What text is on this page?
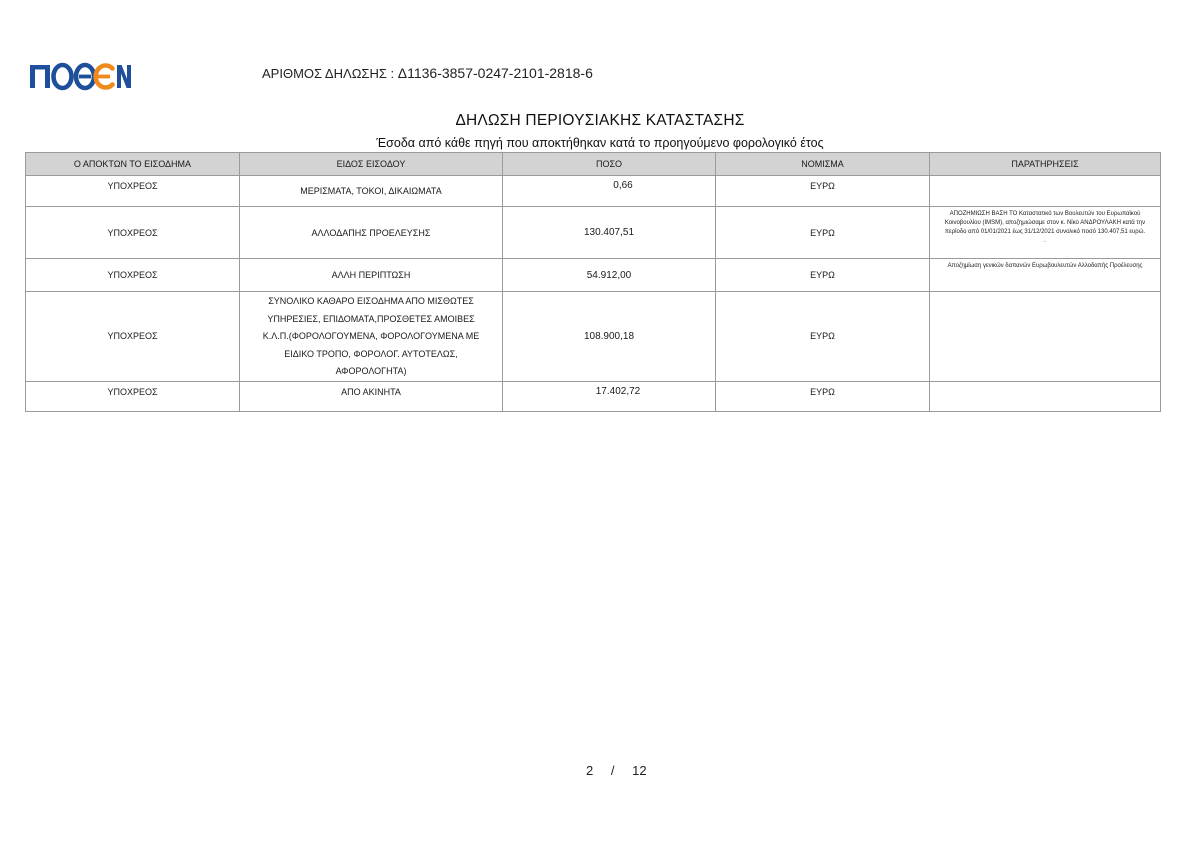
ΑΡΙΘΜΟΣ ΔΗΛΩΣΗΣ : Δ1136-3857-0247-2101-2818-6
ΔΗΛΩΣΗ ΠΕΡΙΟΥΣΙΑΚΗΣ ΚΑΤΑΣΤΑΣΗΣ
Έσοδα από κάθε πηγή που αποκτήθηκαν κατά το προηγούμενο φορολογικό έτος
Ο ΑΠΟΚΤΩΝ ΤΟ ΕΙΣΟΔΗΜΑ	ΕΙΔΟΣ ΕΙΣΟΔΟΥ	ΠΟΣΟ	ΝΟΜΙΣΜΑ	ΠΑΡΑΤΗΡΗΣΕΙΣ
ΥΠΟΧΡΕΟΣ	ΜΕΡΙΣΜΑΤΑ, ΤΟΚΟΙ, ΔΙΚΑΙΩΜΑΤΑ	0,66	ΕΥΡΩ	
ΥΠΟΧΡΕΟΣ	ΑΛΛΟΔΑΠΗΣ ΠΡΟΕΛΕΥΣΗΣ	130.407,51	ΕΥΡΩ	ΑΠΟΖΗΜΙΩΣΗ ΒΑΣΗ ΤΟ Καταστατικό των Βουλευτών του Ευρωπαϊκού Κοινοβουλίου (IMSM), αποζημιώσαμε στον κ. Νίκο ΑΝΔΡΟΥΛΑΚΗ κατά την περίοδο από 01/01/2021 έως 31/12/2021 συνολικό ποσό 130.407,51 ευρώ. .
ΥΠΟΧΡΕΟΣ	ΑΛΛΗ ΠΕΡΙΠΤΩΣΗ	54.912,00	ΕΥΡΩ	Αποζημίωση γενικών δαπανών Ευρωβουλευτών Αλλοδαπής Προέλευσης
ΥΠΟΧΡΕΟΣ	ΣΥΝΟΛΙΚΟ ΚΑΘΑΡΟ ΕΙΣΟΔΗΜΑ ΑΠΟ ΜΙΣΘΩΤΕΣ
ΥΠΗΡΕΣΙΕΣ, ΕΠΙΔΟΜΑΤΑ,ΠΡΟΣΘΕΤΕΣ ΑΜΟΙΒΕΣ
Κ.Λ.Π.(ΦΟΡΟΛΟΓΟΥΜΕΝΑ, ΦΟΡΟΛΟΓΟΥΜΕΝΑ ΜΕ
ΕΙΔΙΚΟ ΤΡΟΠΟ, ΦΟΡΟΛΟΓ. ΑΥΤΟΤΕΛΩΣ,
ΑΦΟΡΟΛΟΓΗΤΑ)	108.900,18	ΕΥΡΩ	
ΥΠΟΧΡΕΟΣ	ΑΠΟ ΑΚΙΝΗΤΑ	17.402,72	ΕΥΡΩ	
2 / 12
